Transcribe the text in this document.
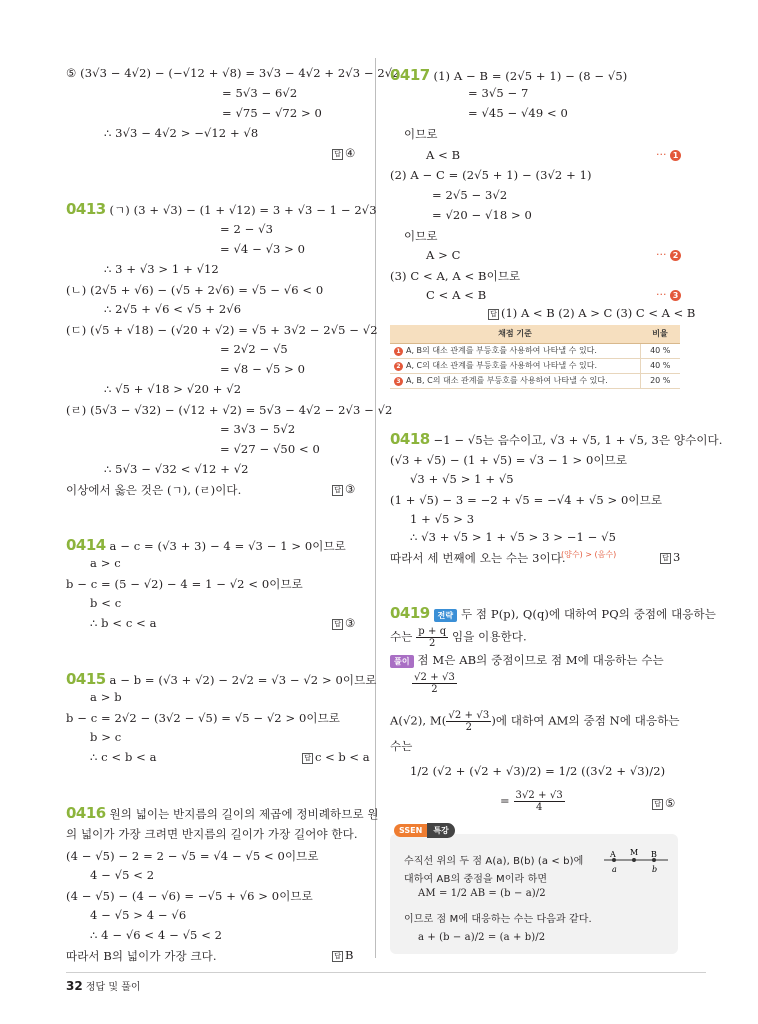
⑤ (3√3 − 4√2) − (−√12 + √8) = 3√3 − 4√2 + 2√3 − 2√2
= 5√3 − 6√2
= √75 − √72 > 0
∴ 3√3 − 4√2 > −√12 + √8
답 ④
0413 (ㄱ) (3 + √3) − (1 + √12) = 3 + √3 − 1 − 2√3
= 2 − √3
= √4 − √3 > 0
∴ 3 + √3 > 1 + √12
(ㄴ) (2√5 + √6) − (√5 + 2√6) = √5 − √6 < 0
∴ 2√5 + √6 < √5 + 2√6
(ㄷ) (√5 + √18) − (√20 + √2) = √5 + 3√2 − 2√5 − √2
= 2√2 − √5
= √8 − √5 > 0
∴ √5 + √18 > √20 + √2
(ㄹ) (5√3 − √32) − (√12 + √2) = 5√3 − 4√2 − 2√3 − √2
= 3√3 − 5√2
= √27 − √50 < 0
∴ 5√3 − √32 < √12 + √2
이상에서 옳은 것은 (ㄱ), (ㄹ)이다.	답 ③
0414 a − c = (√3 + 3) − 4 = √3 − 1 > 0이므로
a > c
b − c = (5 − √2) − 4 = 1 − √2 < 0이므로
b < c
∴ b < c < a	답 ③
0415 a − b = (√3 + √2) − 2√2 = √3 − √2 > 0이므로
a > b
b − c = 2√2 − (3√2 − √5) = √5 − √2 > 0이므로
b > c
∴ c < b < a	답 c < b < a
0416 원의 넓이는 반지름의 길이의 제곱에 정비례하므로 원
의 넓이가 가장 크려면 반지름의 길이가 가장 길어야 한다.
(4 − √5) − 2 = 2 − √5 = √4 − √5 < 0이므로
4 − √5 < 2
(4 − √5) − (4 − √6) = −√5 + √6 > 0이므로
4 − √5 > 4 − √6
∴ 4 − √6 < 4 − √5 < 2
따라서 B의 넓이가 가장 크다.	답 B
0417 (1) A − B = (2√5 + 1) − (8 − √5)
= 3√5 − 7
= √45 − √49 < 0
이므로
A < B	··· 1
(2) A − C = (2√5 + 1) − (3√2 + 1)
= 2√5 − 3√2
= √20 − √18 > 0
이므로
A > C	··· 2
(3) C < A, A < B이므로
C < A < B	··· 3
답 (1) A < B (2) A > C (3) C < A < B
채점 기준	비율
1 A, B의 대소 관계를 부등호를 사용하여 나타낼 수 있다.	40 %
2 A, C의 대소 관계를 부등호를 사용하여 나타낼 수 있다.	40 %
3 A, B, C의 대소 관계를 부등호를 사용하여 나타낼 수 있다.	20 %
0418 −1 − √5는 음수이고, √3 + √5, 1 + √5, 3은 양수이다.
(√3 + √5) − (1 + √5) = √3 − 1 > 0이므로
√3 + √5 > 1 + √5
(1 + √5) − 3 = −2 + √5 = −√4 + √5 > 0이므로
1 + √5 > 3
∴ √3 + √5 > 1 + √5 > 3 > −1 − √5
(양수) > (음수)
따라서 세 번째에 오는 수는 3이다.	답 3
0419 전략 두 점 P(p), Q(q)에 대하여 PQ의 중점에 대응하는
수는 $\frac{p + q}{2}$ 임을 이용한다.
풀이 점 M은 AB의 중점이므로 점 M에 대응하는 수는
$\frac{√2 + √3}{2}$
A(√2), $M( \frac{√2 + √3}{2}$ )에 대하여 AM의 중점 N에 대응하는
수는
1/2 (√2 + (√2 + √3)/2) = 1/2 ((3√2 + √3)/2)
= $\frac{3√2 + √3}{4}$	답 ⑤
SSEN 특강
수직선 위의 두 점 A(a), B(b) (a < b)에
대하여 AB의 중점을 M이라 하면
AM = 1/2 AB = (b − a)/2
이므로 점 M에 대응하는 수는 다음과 같다.
a + (b − a)/2 = (a + b)/2
A M B
a	b
32 정답 및 풀이
